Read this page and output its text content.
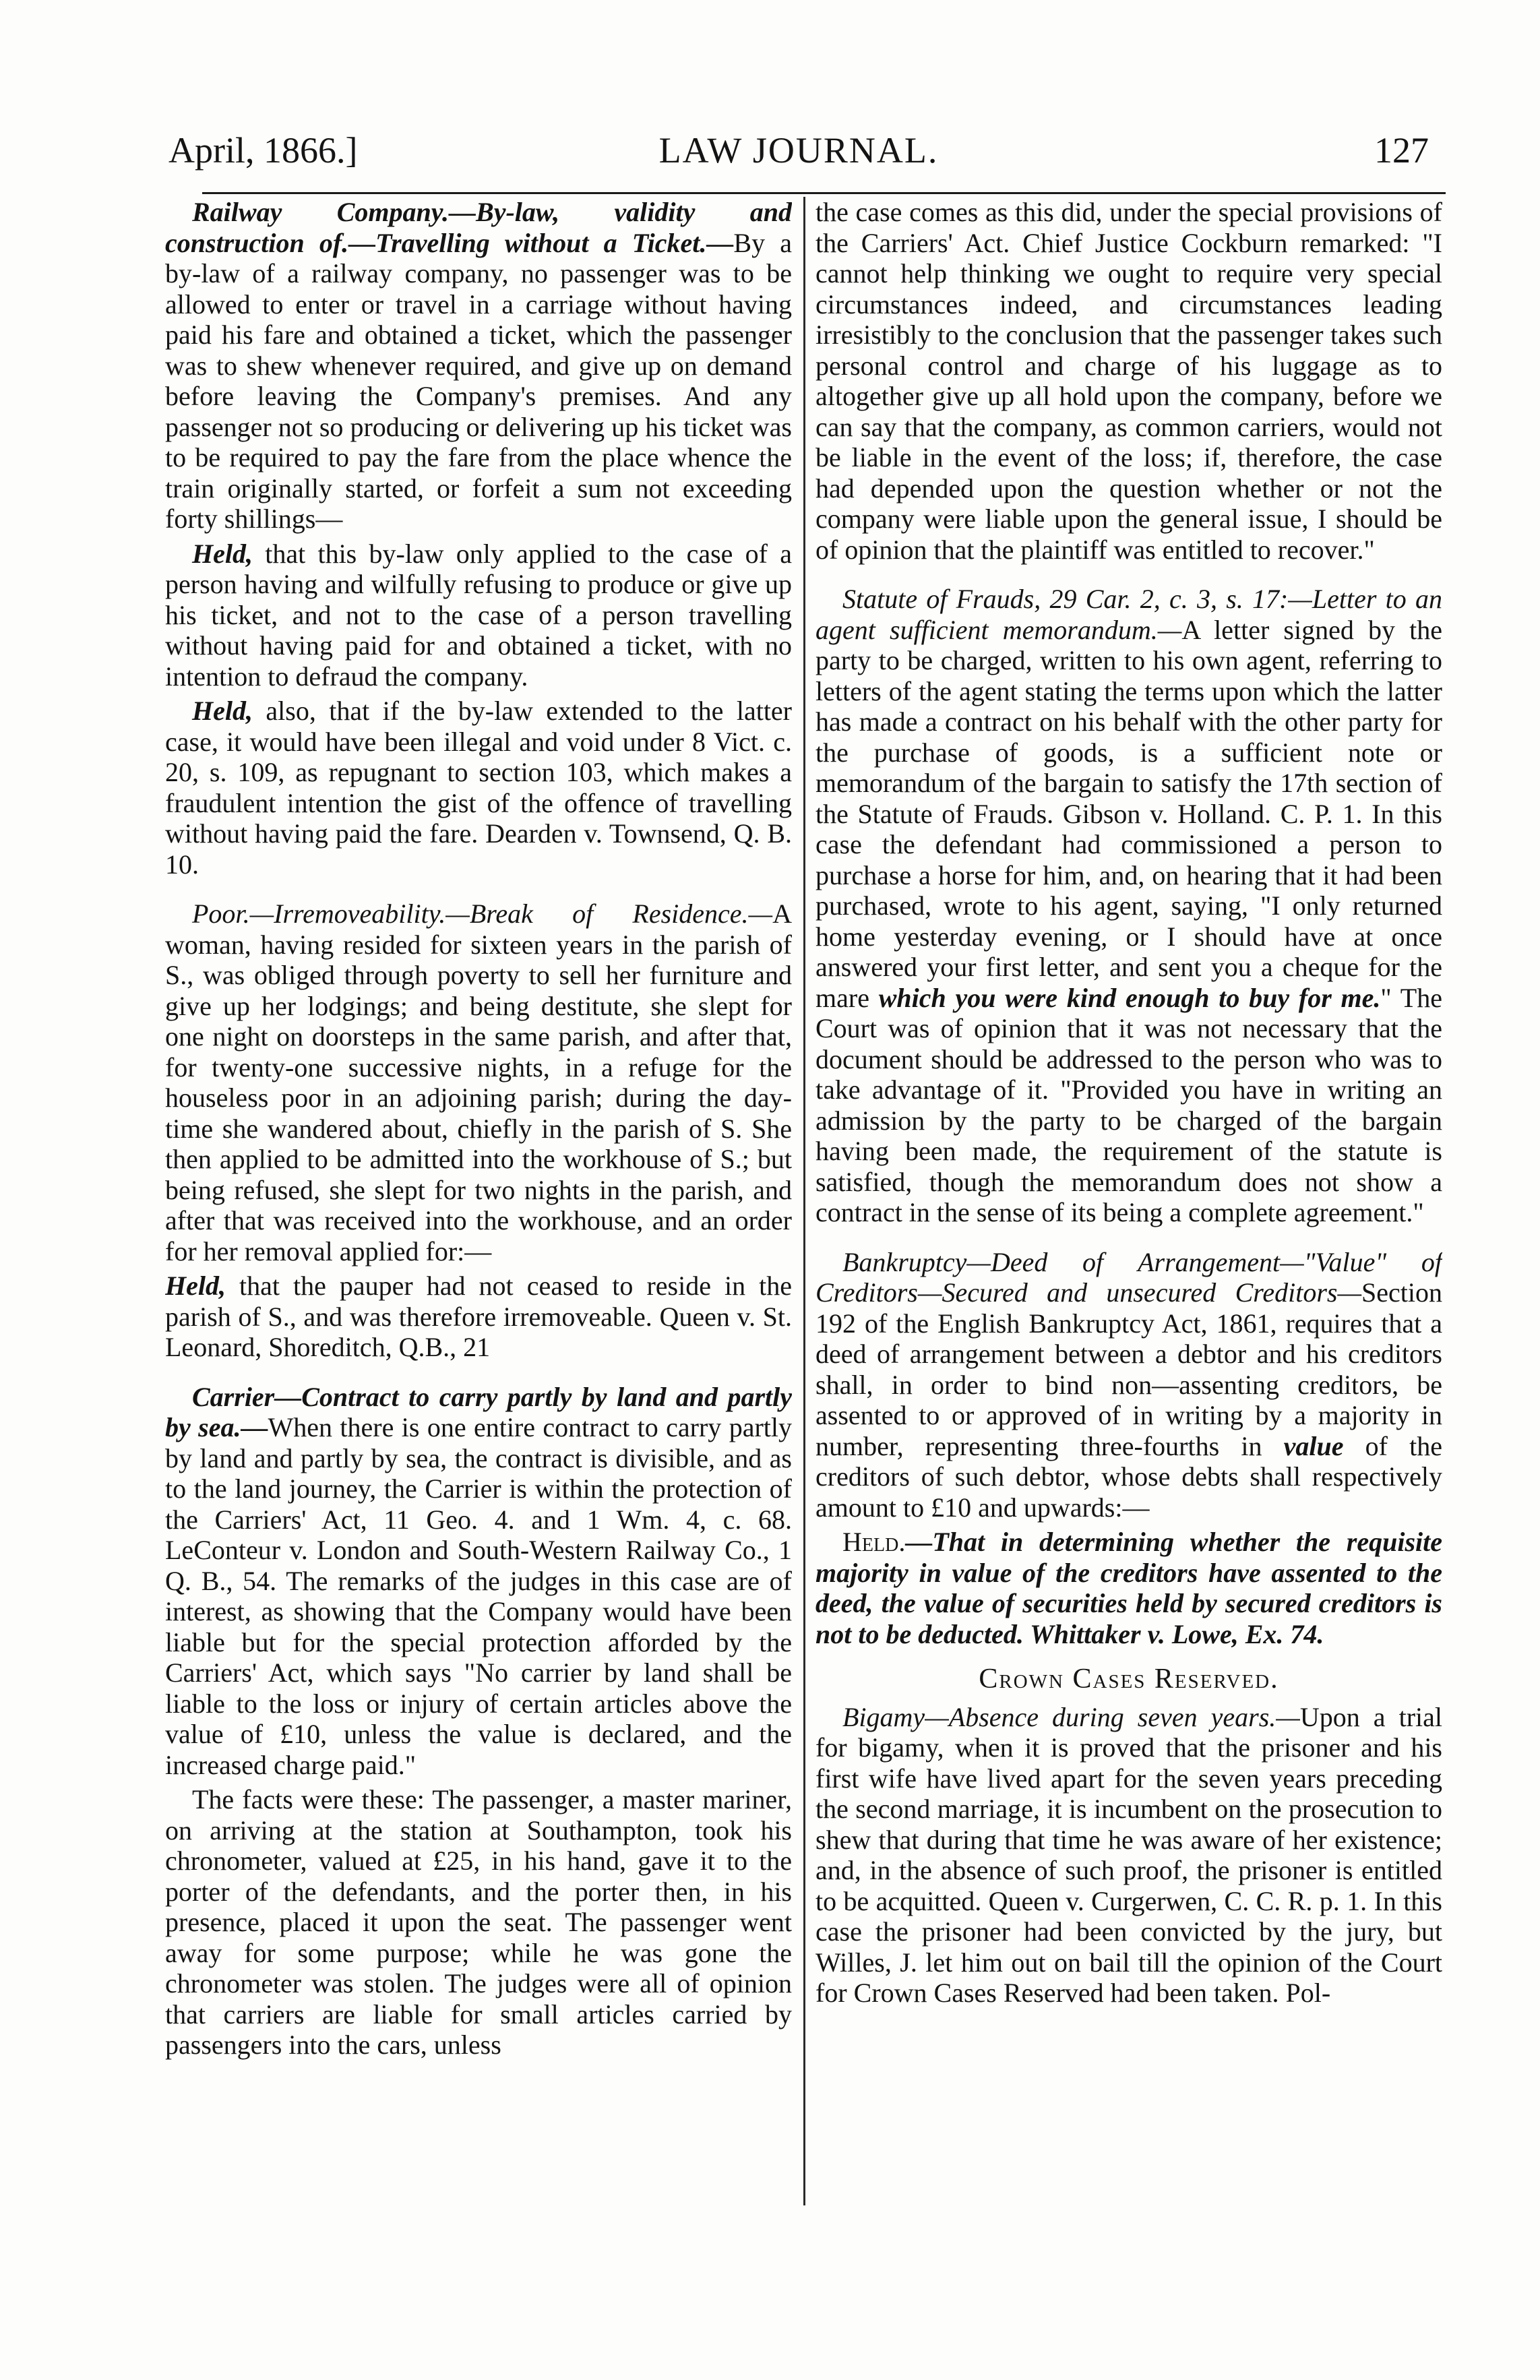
April, 1866.]	LAW JOURNAL.	127

Railway Company.—By-law, validity and construction of.—Travelling without a Ticket.—By a by-law of a railway company, no passenger was to be allowed to enter or travel in a carriage without having paid his fare and obtained a ticket, which the passenger was to shew whenever required, and give up on demand before leaving the Company's premises. And any passenger not so producing or delivering up his ticket was to be required to pay the fare from the place whence the train originally started, or forfeit a sum not exceeding forty shillings—

Held, that this by-law only applied to the case of a person having and wilfully refusing to produce or give up his ticket, and not to the case of a person travelling without having paid for and obtained a ticket, with no intention to defraud the company.

Held, also, that if the by-law extended to the latter case, it would have been illegal and void under 8 Vict. c. 20, s. 109, as repugnant to section 103, which makes a fraudulent intention the gist of the offence of travelling without having paid the fare. Dearden v. Townsend, Q. B. 10.

Poor.—Irremoveability.—Break of Residence.—A woman, having resided for sixteen years in the parish of S., was obliged through poverty to sell her furniture and give up her lodgings; and being destitute, she slept for one night on doorsteps in the same parish, and after that, for twenty-one successive nights, in a refuge for the houseless poor in an adjoining parish; during the day-time she wandered about, chiefly in the parish of S. She then applied to be admitted into the workhouse of S.; but being refused, she slept for two nights in the parish, and after that was received into the workhouse, and an order for her removal applied for:—

Held, that the pauper had not ceased to reside in the parish of S., and was therefore irremoveable. Queen v. St. Leonard, Shoreditch, Q.B., 21

Carrier—Contract to carry partly by land and partly by sea.—When there is one entire contract to carry partly by land and partly by sea, the contract is divisible, and as to the land journey, the Carrier is within the protection of the Carriers' Act, 11 Geo. 4. and 1 Wm. 4, c. 68. LeConteur v. London and South-Western Railway Co., 1 Q. B., 54. The remarks of the judges in this case are of interest, as showing that the Company would have been liable but for the special protection afforded by the Carriers' Act, which says "No carrier by land shall be liable to the loss or injury of certain articles above the value of £10, unless the value is declared, and the increased charge paid."

The facts were these: The passenger, a master mariner, on arriving at the station at Southampton, took his chronometer, valued at £25, in his hand, gave it to the porter of the defendants, and the porter then, in his presence, placed it upon the seat. The passenger went away for some purpose; while he was gone the chronometer was stolen. The judges were all of opinion that carriers are liable for small articles carried by passengers into the cars, unless

the case comes as this did, under the special provisions of the Carriers' Act. Chief Justice Cockburn remarked: "I cannot help thinking we ought to require very special circumstances indeed, and circumstances leading irresistibly to the conclusion that the passenger takes such personal control and charge of his luggage as to altogether give up all hold upon the company, before we can say that the company, as common carriers, would not be liable in the event of the loss; if, therefore, the case had depended upon the question whether or not the company were liable upon the general issue, I should be of opinion that the plaintiff was entitled to recover."

Statute of Frauds, 29 Car. 2, c. 3, s. 17:—Letter to an agent sufficient memorandum.—A letter signed by the party to be charged, written to his own agent, referring to letters of the agent stating the terms upon which the latter has made a contract on his behalf with the other party for the purchase of goods, is a sufficient note or memorandum of the bargain to satisfy the 17th section of the Statute of Frauds. Gibson v. Holland. C. P. 1. In this case the defendant had commissioned a person to purchase a horse for him, and, on hearing that it had been purchased, wrote to his agent, saying, "I only returned home yesterday evening, or I should have at once answered your first letter, and sent you a cheque for the mare which you were kind enough to buy for me." The Court was of opinion that it was not necessary that the document should be addressed to the person who was to take advantage of it. "Provided you have in writing an admission by the party to be charged of the bargain having been made, the requirement of the statute is satisfied, though the memorandum does not show a contract in the sense of its being a complete agreement."

Bankruptcy—Deed of Arrangement—"Value" of Creditors—Secured and unsecured Creditors—Section 192 of the English Bankruptcy Act, 1861, requires that a deed of arrangement between a debtor and his creditors shall, in order to bind non—assenting creditors, be assented to or approved of in writing by a majority in number, representing three-fourths in value of the creditors of such debtor, whose debts shall respectively amount to £10 and upwards:—

Held.—That in determining whether the requisite majority in value of the creditors have assented to the deed, the value of securities held by secured creditors is not to be deducted. Whittaker v. Lowe, Ex. 74.

Crown Cases Reserved.

Bigamy—Absence during seven years.—Upon a trial for bigamy, when it is proved that the prisoner and his first wife have lived apart for the seven years preceding the second marriage, it is incumbent on the prosecution to shew that during that time he was aware of her existence; and, in the absence of such proof, the prisoner is entitled to be acquitted. Queen v. Curgerwen, C. C. R. p. 1. In this case the prisoner had been convicted by the jury, but Willes, J. let him out on bail till the opinion of the Court for Crown Cases Reserved had been taken. Pol-
